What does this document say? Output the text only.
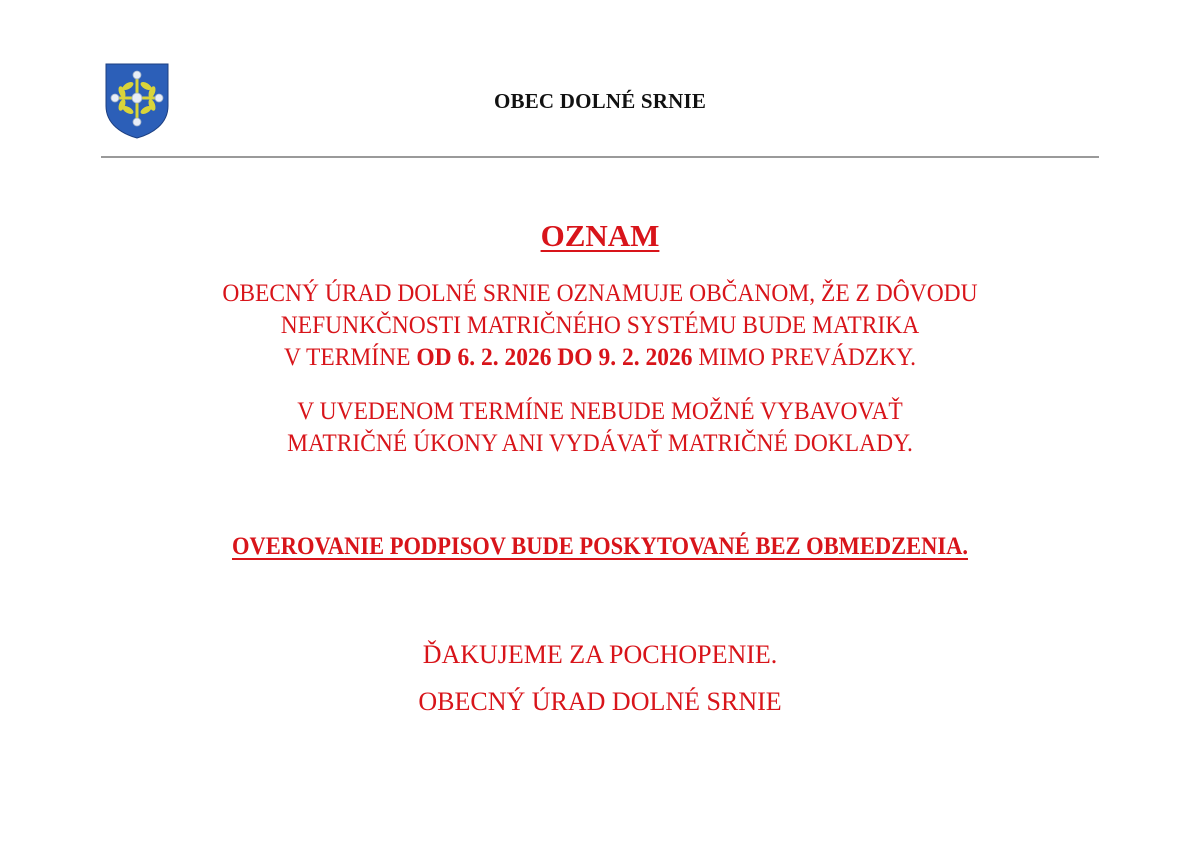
OBEC DOLNÉ SRNIE
OZNAM
OBECNÝ ÚRAD DOLNÉ SRNIE OZNAMUJE OBČANOM, ŽE Z DÔVODU
NEFUNKČNOSTI MATRIČNÉHO SYSTÉMU BUDE MATRIKA
V TERMÍNE OD 6. 2. 2026 DO 9. 2. 2026 MIMO PREVÁDZKY.
V UVEDENOM TERMÍNE NEBUDE MOŽNÉ VYBAVOVAŤ
MATRIČNÉ ÚKONY ANI VYDÁVAŤ MATRIČNÉ DOKLADY.
OVEROVANIE PODPISOV BUDE POSKYTOVANÉ BEZ OBMEDZENIA.
ĎAKUJEME ZA POCHOPENIE.
OBECNÝ ÚRAD DOLNÉ SRNIE
